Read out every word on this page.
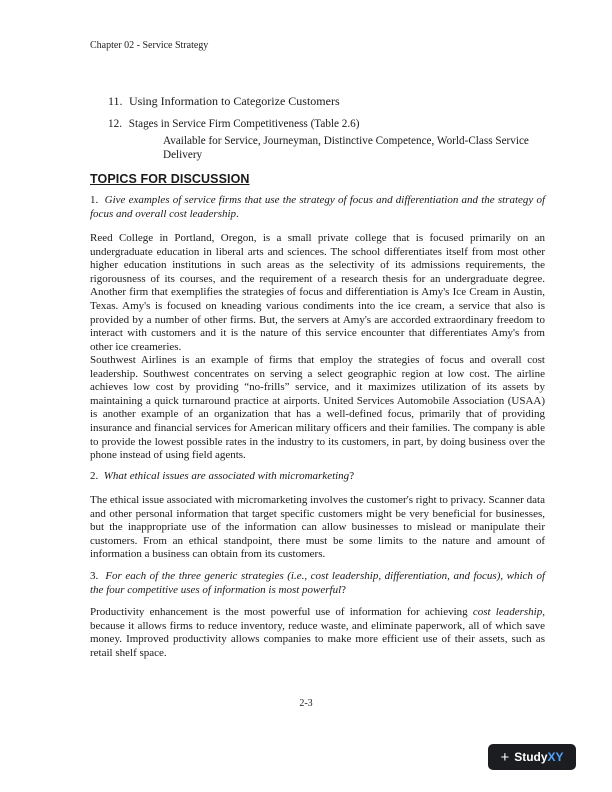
Chapter 02 - Service Strategy
11. Using Information to Categorize Customers
12. Stages in Service Firm Competitiveness (Table 2.6)
Available for Service, Journeyman, Distinctive Competence, World-Class Service Delivery
TOPICS FOR DISCUSSION

1. Give examples of service firms that use the strategy of focus and differentiation and the strategy of focus and overall cost leadership.

Reed College in Portland, Oregon, is a small private college that is focused primarily on an undergraduate education in liberal arts and sciences. The school differentiates itself from most other higher education institutions in such areas as the selectivity of its admissions requirements, the rigorousness of its courses, and the requirement of a research thesis for an undergraduate degree. Another firm that exemplifies the strategies of focus and differentiation is Amy's Ice Cream in Austin, Texas. Amy's is focused on kneading various condiments into the ice cream, a service that also is provided by a number of other firms. But, the servers at Amy's are accorded extraordinary freedom to interact with customers and it is the nature of this service encounter that differentiates Amy's from other ice creameries.

Southwest Airlines is an example of firms that employ the strategies of focus and overall cost leadership. Southwest concentrates on serving a select geographic region at low cost. The airline achieves low cost by providing “no-frills” service, and it maximizes utilization of its assets by maintaining a quick turnaround practice at airports. United Services Automobile Association (USAA) is another example of an organization that has a well-defined focus, primarily that of providing insurance and financial services for American military officers and their families. The company is able to provide the lowest possible rates in the industry to its customers, in part, by doing business over the phone instead of using field agents.

2. What ethical issues are associated with micromarketing?

The ethical issue associated with micromarketing involves the customer's right to privacy. Scanner data and other personal information that target specific customers might be very beneficial for businesses, but the inappropriate use of the information can allow businesses to mislead or manipulate their customers. From an ethical standpoint, there must be some limits to the nature and amount of information a business can obtain from its customers.

3. For each of the three generic strategies (i.e., cost leadership, differentiation, and focus), which of the four competitive uses of information is most powerful?

Productivity enhancement is the most powerful use of information for achieving cost leadership, because it allows firms to reduce inventory, reduce waste, and eliminate paperwork, all of which save money. Improved productivity allows companies to make more efficient use of their assets, such as retail shelf space.

2-3
+ Study XY
